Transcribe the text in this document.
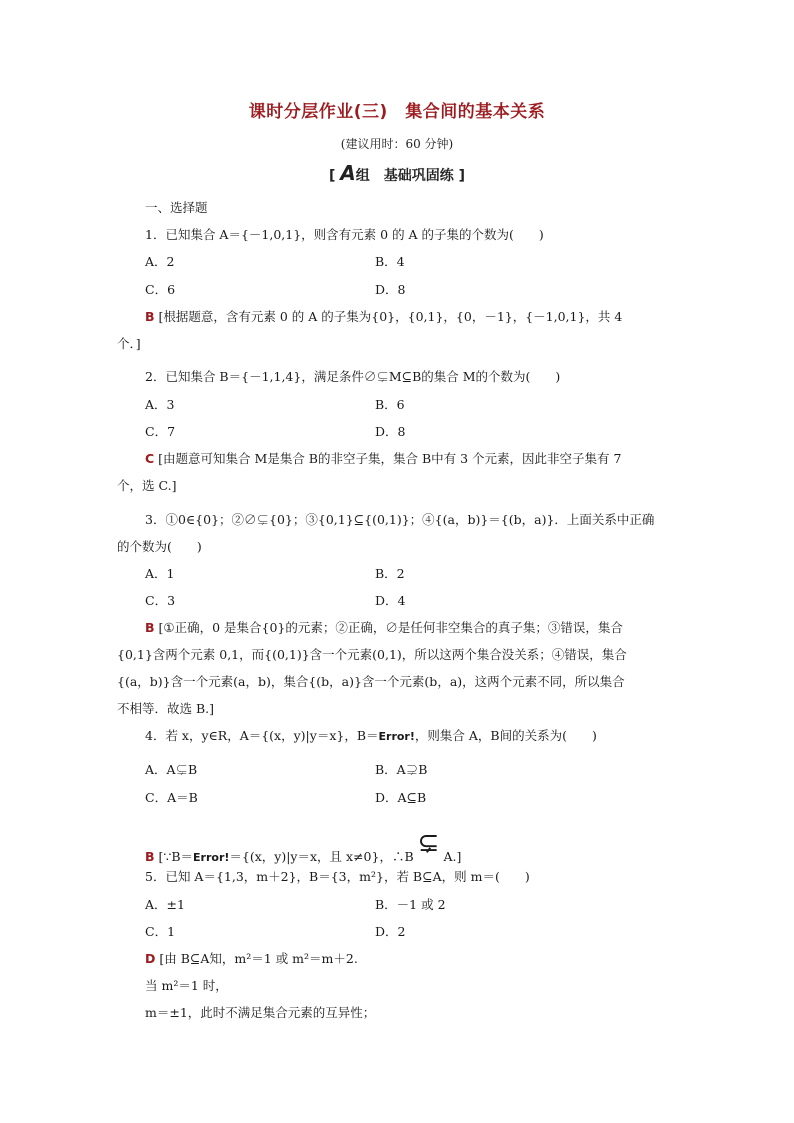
课时分层作业(三)　集合间的基本关系
(建议用时：60 分钟)
[ A组　基础巩固练 ]
一、选择题
1．已知集合 A＝{－1,0,1}，则含有元素 0 的 A 的子集的个数为(　　)
A．2	B．4
C．6	D．8
B [根据题意，含有元素 0 的 A 的子集为{0}，{0,1}，{0，－1}，{－1,0,1}，共 4
个．]
2．已知集合 B＝{－1,1,4}，满足条件∅⊊M⊆B的集合 M的个数为(　　)
A．3	B．6
C．7	D．8
C [由题意可知集合 M是集合 B的非空子集，集合 B中有 3 个元素，因此非空子集有 7
个，选 C.]
3．①0∈{0}；②∅⊊{0}；③{0,1}⊆{(0,1)}；④{(a，b)}＝{(b，a)}．上面关系中正确
的个数为(　　)
A．1	B．2
C．3	D．4
B [①正确，0 是集合{0}的元素；②正确，∅是任何非空集合的真子集；③错误，集合
{0,1}含两个元素 0,1，而{(0,1)}含一个元素(0,1)，所以这两个集合没关系；④错误，集合
{(a，b)}含一个元素(a，b)，集合{(b，a)}含一个元素(b，a)，这两个元素不同，所以集合
不相等．故选 B.]
4．若 x，y∈R，A＝{(x，y)|y＝x}，B＝Error!，则集合 A，B间的关系为(　　)
A．A⊊B	B．A⊋B
C．A＝B	D．A⊆B
B [∵B＝Error!＝{(x，y)|y＝x，且 x≠0}，∴B ⊊ A.]
5．已知 A＝{1,3，m＋2}，B＝{3，m²}，若 B⊆A，则 m＝(　　)
A．±1	B．－1 或 2
C．1	D．2
D [由 B⊆A知，m²＝1 或 m²＝m＋2.
当 m²＝1 时，
m＝±1，此时不满足集合元素的互异性；
